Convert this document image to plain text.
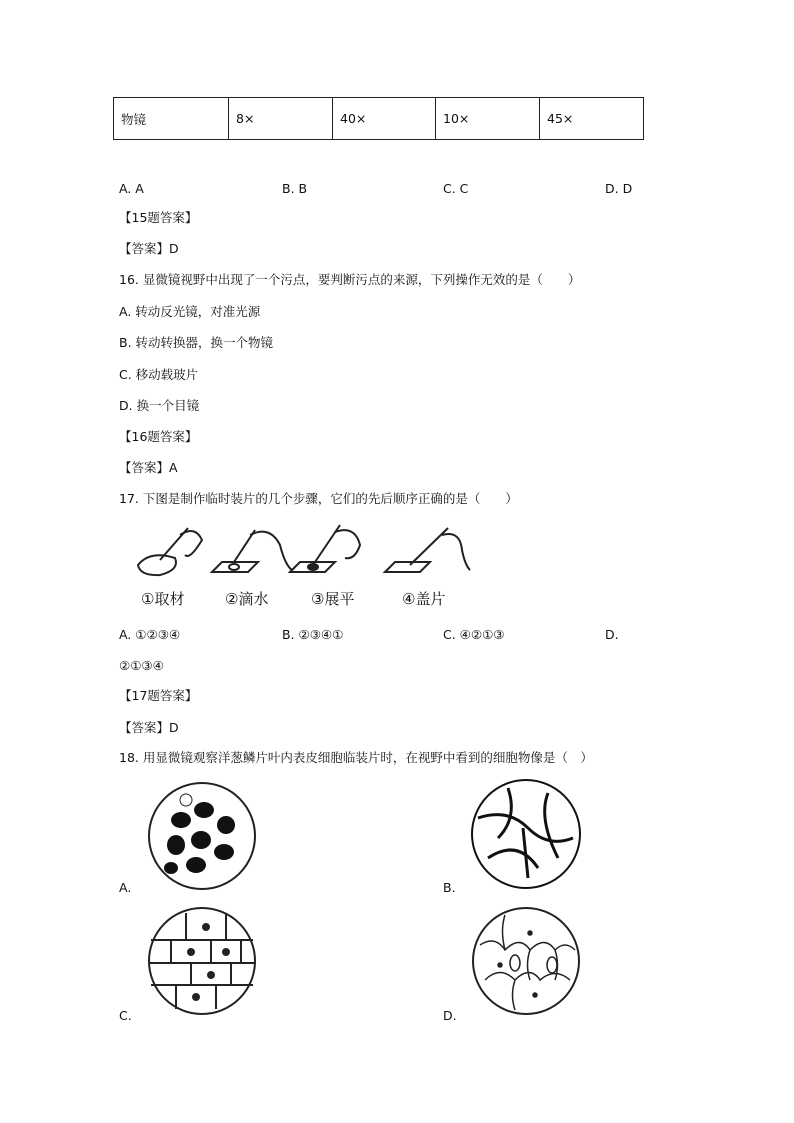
物镜	8×	40×	10×	45×
A. A	B. B	C. C	D. D
【15题答案】
【答案】D
16. 显微镜视野中出现了一个污点，要判断污点的来源，下列操作无效的是（　　）
A. 转动反光镜，对准光源
B. 转动转换器，换一个物镜
C. 移动载玻片
D. 换一个目镜
【16题答案】
【答案】A
17. 下图是制作临时装片的几个步骤，它们的先后顺序正确的是（　　）
①取材	②滴水	③展平	④盖片
A. ①②③④	B. ②③④①	C. ④②①③	D.
②①③④
【17题答案】
【答案】D
18. 用显微镜观察洋葱鳞片叶内表皮细胞临装片时，在视野中看到的细胞物像是（　）
A.	B.
C.	D.
